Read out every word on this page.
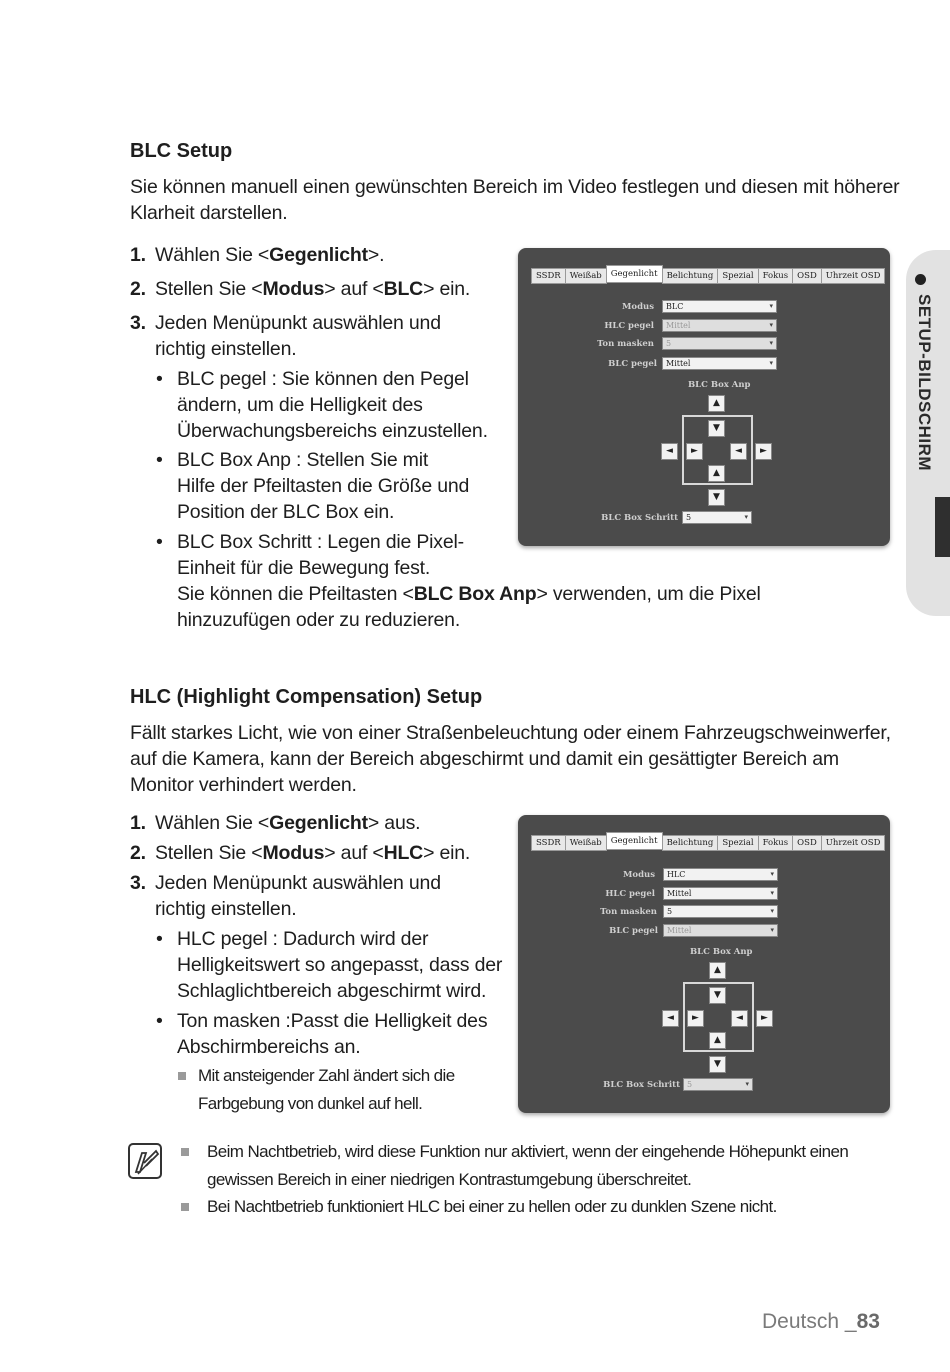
SETUP-BILDSCHIRM
BLC Setup
Sie können manuell einen gewünschten Bereich im Video festlegen und diesen mit höherer Klarheit darstellen.
1. Wählen Sie <Gegenlicht>.
2. Stellen Sie <Modus> auf <BLC> ein.
3. Jeden Menüpunkt auswählen und
richtig einstellen.
• BLC pegel : Sie können den Pegel
ändern, um die Helligkeit des
Überwachungsbereichs einzustellen.
• BLC Box Anp : Stellen Sie mit
Hilfe der Pfeiltasten die Größe und
Position der BLC Box ein.
• BLC Box Schritt : Legen die Pixel-
Einheit für die Bewegung fest.
Sie können die Pfeiltasten <BLC Box Anp> verwenden, um die Pixel
hinzuzufügen oder zu reduzieren.
SSDR	Weißab	Gegenlicht	Belichtung	Spezial	Fokus	OSD	Uhrzeit OSD
Modus	BLC	▾
HLC pegel	Mittel	▾
Ton masken	5	▾
BLC pegel	Mittel	▾
BLC Box Anp
▲
▼
◄	►	◄	►
▲
▼
BLC Box Schritt	5	▾
HLC (Highlight Compensation) Setup
Fällt starkes Licht, wie von einer Straßenbeleuchtung oder einem Fahrzeugschweinwerfer, auf die Kamera, kann der Bereich abgeschirmt und damit ein gesättigter Bereich am Monitor verhindert werden.
1. Wählen Sie <Gegenlicht> aus.
2. Stellen Sie <Modus> auf <HLC> ein.
3. Jeden Menüpunkt auswählen und
richtig einstellen.
• HLC pegel : Dadurch wird der
Helligkeitswert so angepasst, dass der
Schlaglichtbereich abgeschirmt wird.
• Ton masken :Passt die Helligkeit des
Abschirmbereichs an.
Mit ansteigender Zahl ändert sich die
Farbgebung von dunkel auf hell.
SSDR	Weißab	Gegenlicht	Belichtung	Spezial	Fokus	OSD	Uhrzeit OSD
Modus	HLC	▾
HLC pegel	Mittel	▾
Ton masken	5	▾
BLC pegel	Mittel	▾
BLC Box Anp
▲
▼
◄	►	◄	►
▲
▼
BLC Box Schritt 5	▾
Beim Nachtbetrieb, wird diese Funktion nur aktiviert, wenn der eingehende Höhepunkt einen
gewissen Bereich in einer niedrigen Kontrastumgebung überschreitet.
Bei Nachtbetrieb funktioniert HLC bei einer zu hellen oder zu dunklen Szene nicht.
Deutsch _83
